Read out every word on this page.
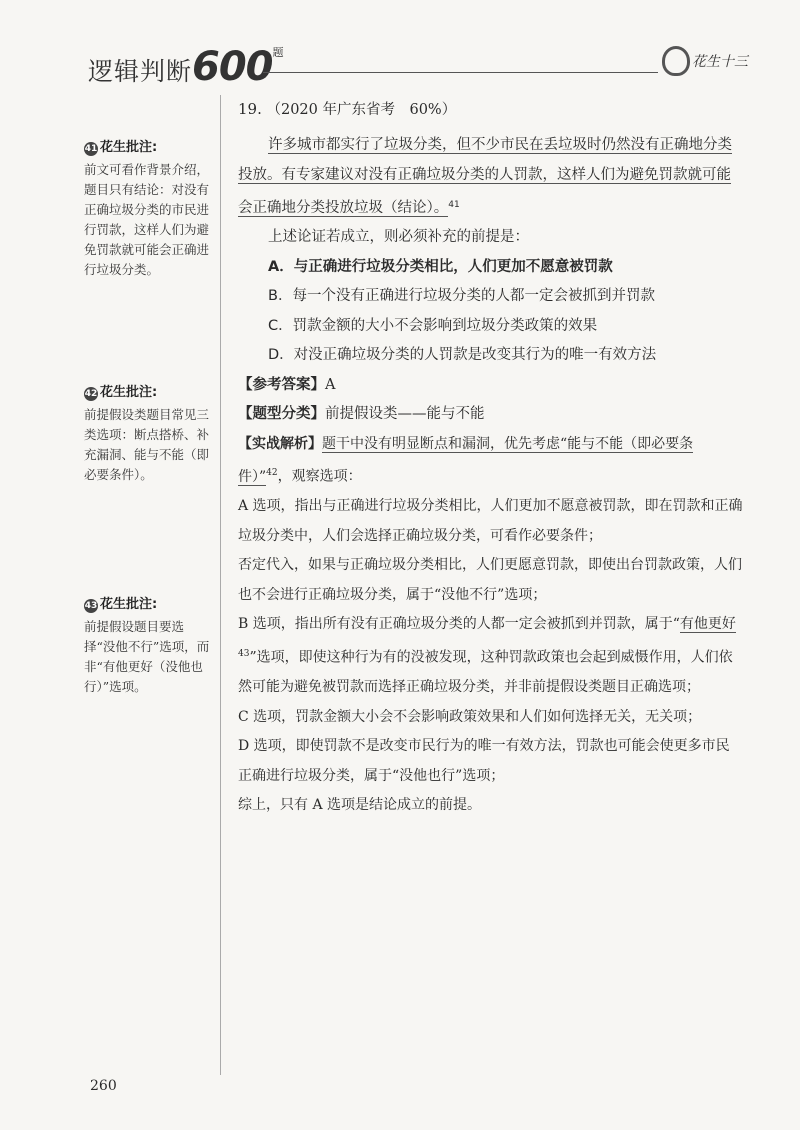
逻辑判断$600^题$
花生十三
41 花生批注:
前文可看作背景介绍，题目只有结论：对没有正确垃圾分类的市民进行罚款，这样人们为避免罚款就可能会正确进行垃圾分类。
42 花生批注:
前提假设类题目常见三类选项：断点搭桥、补充漏洞、能与不能（即必要条件）。
43 花生批注:
前提假设题目要选择“没他不行”选项，而非“有他更好（没他也行）”选项。
19. （2020 年广东省考　60%）
许多城市都实行了垃圾分类，但不少市民在丢垃圾时仍然没有正确地分类投放。有专家建议对没有正确垃圾分类的人罚款，这样人们为避免罚款就可能会正确地分类投放垃圾（结论）。$^{41}$
上述论证若成立，则必须补充的前提是：
A．与正确进行垃圾分类相比，人们更加不愿意被罚款
B．每一个没有正确进行垃圾分类的人都一定会被抓到并罚款
C．罚款金额的大小不会影响到垃圾分类政策的效果
D．对没正确垃圾分类的人罚款是改变其行为的唯一有效方法
【参考答案】A
【题型分类】前提假设类——能与不能
【实战解析】题干中没有明显断点和漏洞，优先考虑“能与不能（即必要条件）”$^{42}$，观察选项：
A 选项，指出与正确进行垃圾分类相比，人们更加不愿意被罚款，即在罚款和正确垃圾分类中，人们会选择正确垃圾分类，可看作必要条件；
否定代入，如果与正确垃圾分类相比，人们更愿意罚款，即使出台罚款政策，人们也不会进行正确垃圾分类，属于“没他不行”选项；
B 选项，指出所有没有正确垃圾分类的人都一定会被抓到并罚款，属于“有他更好$^{43}$”选项，即使这种行为有的没被发现，这种罚款政策也会起到威慑作用，人们依然可能为避免被罚款而选择正确垃圾分类，并非前提假设类题目正确选项；
C 选项，罚款金额大小会不会影响政策效果和人们如何选择无关，无关项；
D 选项，即使罚款不是改变市民行为的唯一有效方法，罚款也可能会使更多市民正确进行垃圾分类，属于“没他也行”选项；
综上，只有 A 选项是结论成立的前提。
260
